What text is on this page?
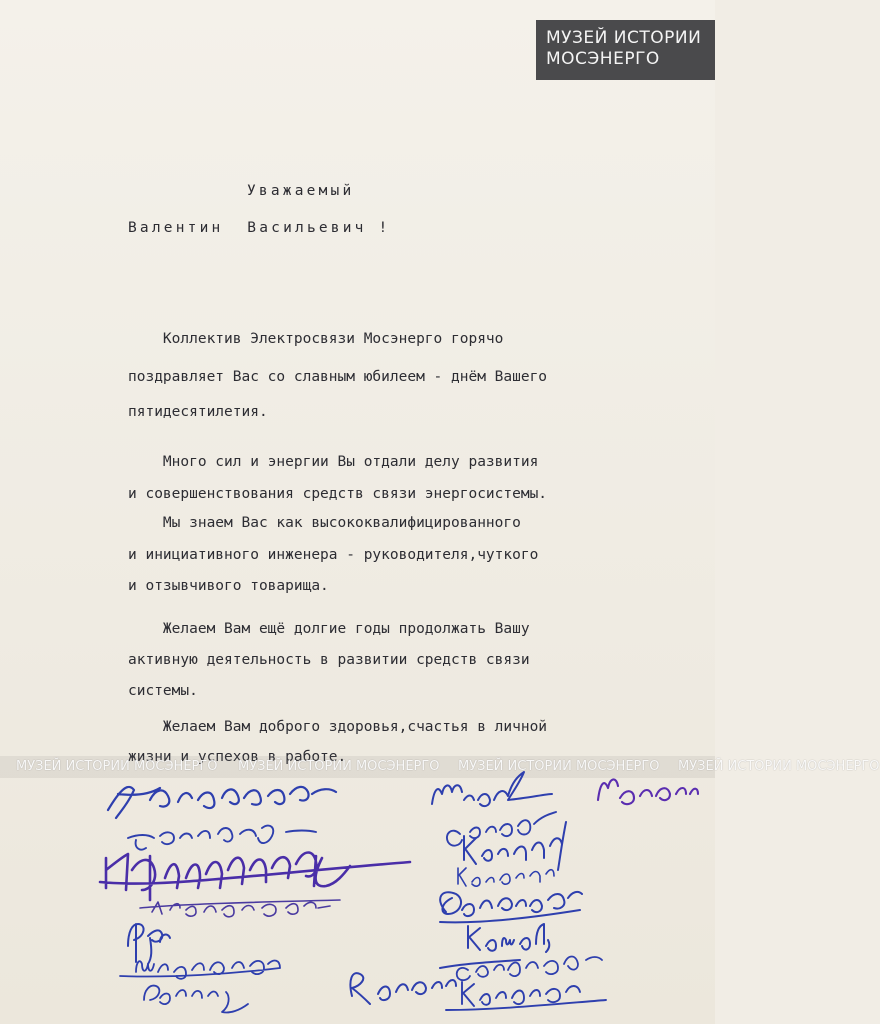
МУЗЕЙ ИСТОРИИ
МОСЭНЕРГО
Уважаемый
Валентин  Васильевич !
Коллектив Электросвязи Мосэнерго горячо
поздравляет Вас со славным юбилеем - днём Вашего
пятидесятилетия.
Много сил и энергии Вы отдали делу развития
и совершенствования средств связи энергосистемы.
Мы знаем Вас как высококвалифицированного
и инициативного инженера - руководителя,чуткого
и отзывчивого товарища.
Желаем Вам ещё долгие годы продолжать Вашу
активную деятельность в развитии средств связи
системы.
Желаем Вам доброго здоровья,счастья в личной
жизни и успехов в работе.
МУЗЕЙ ИСТОРИИ МОСЭНЕРГО МУЗЕЙ ИСТОРИИ МОСЭНЕРГО МУЗЕЙ ИСТОРИИ МОСЭНЕРГО МУЗЕЙ ИСТОРИИ МОСЭНЕРГО
